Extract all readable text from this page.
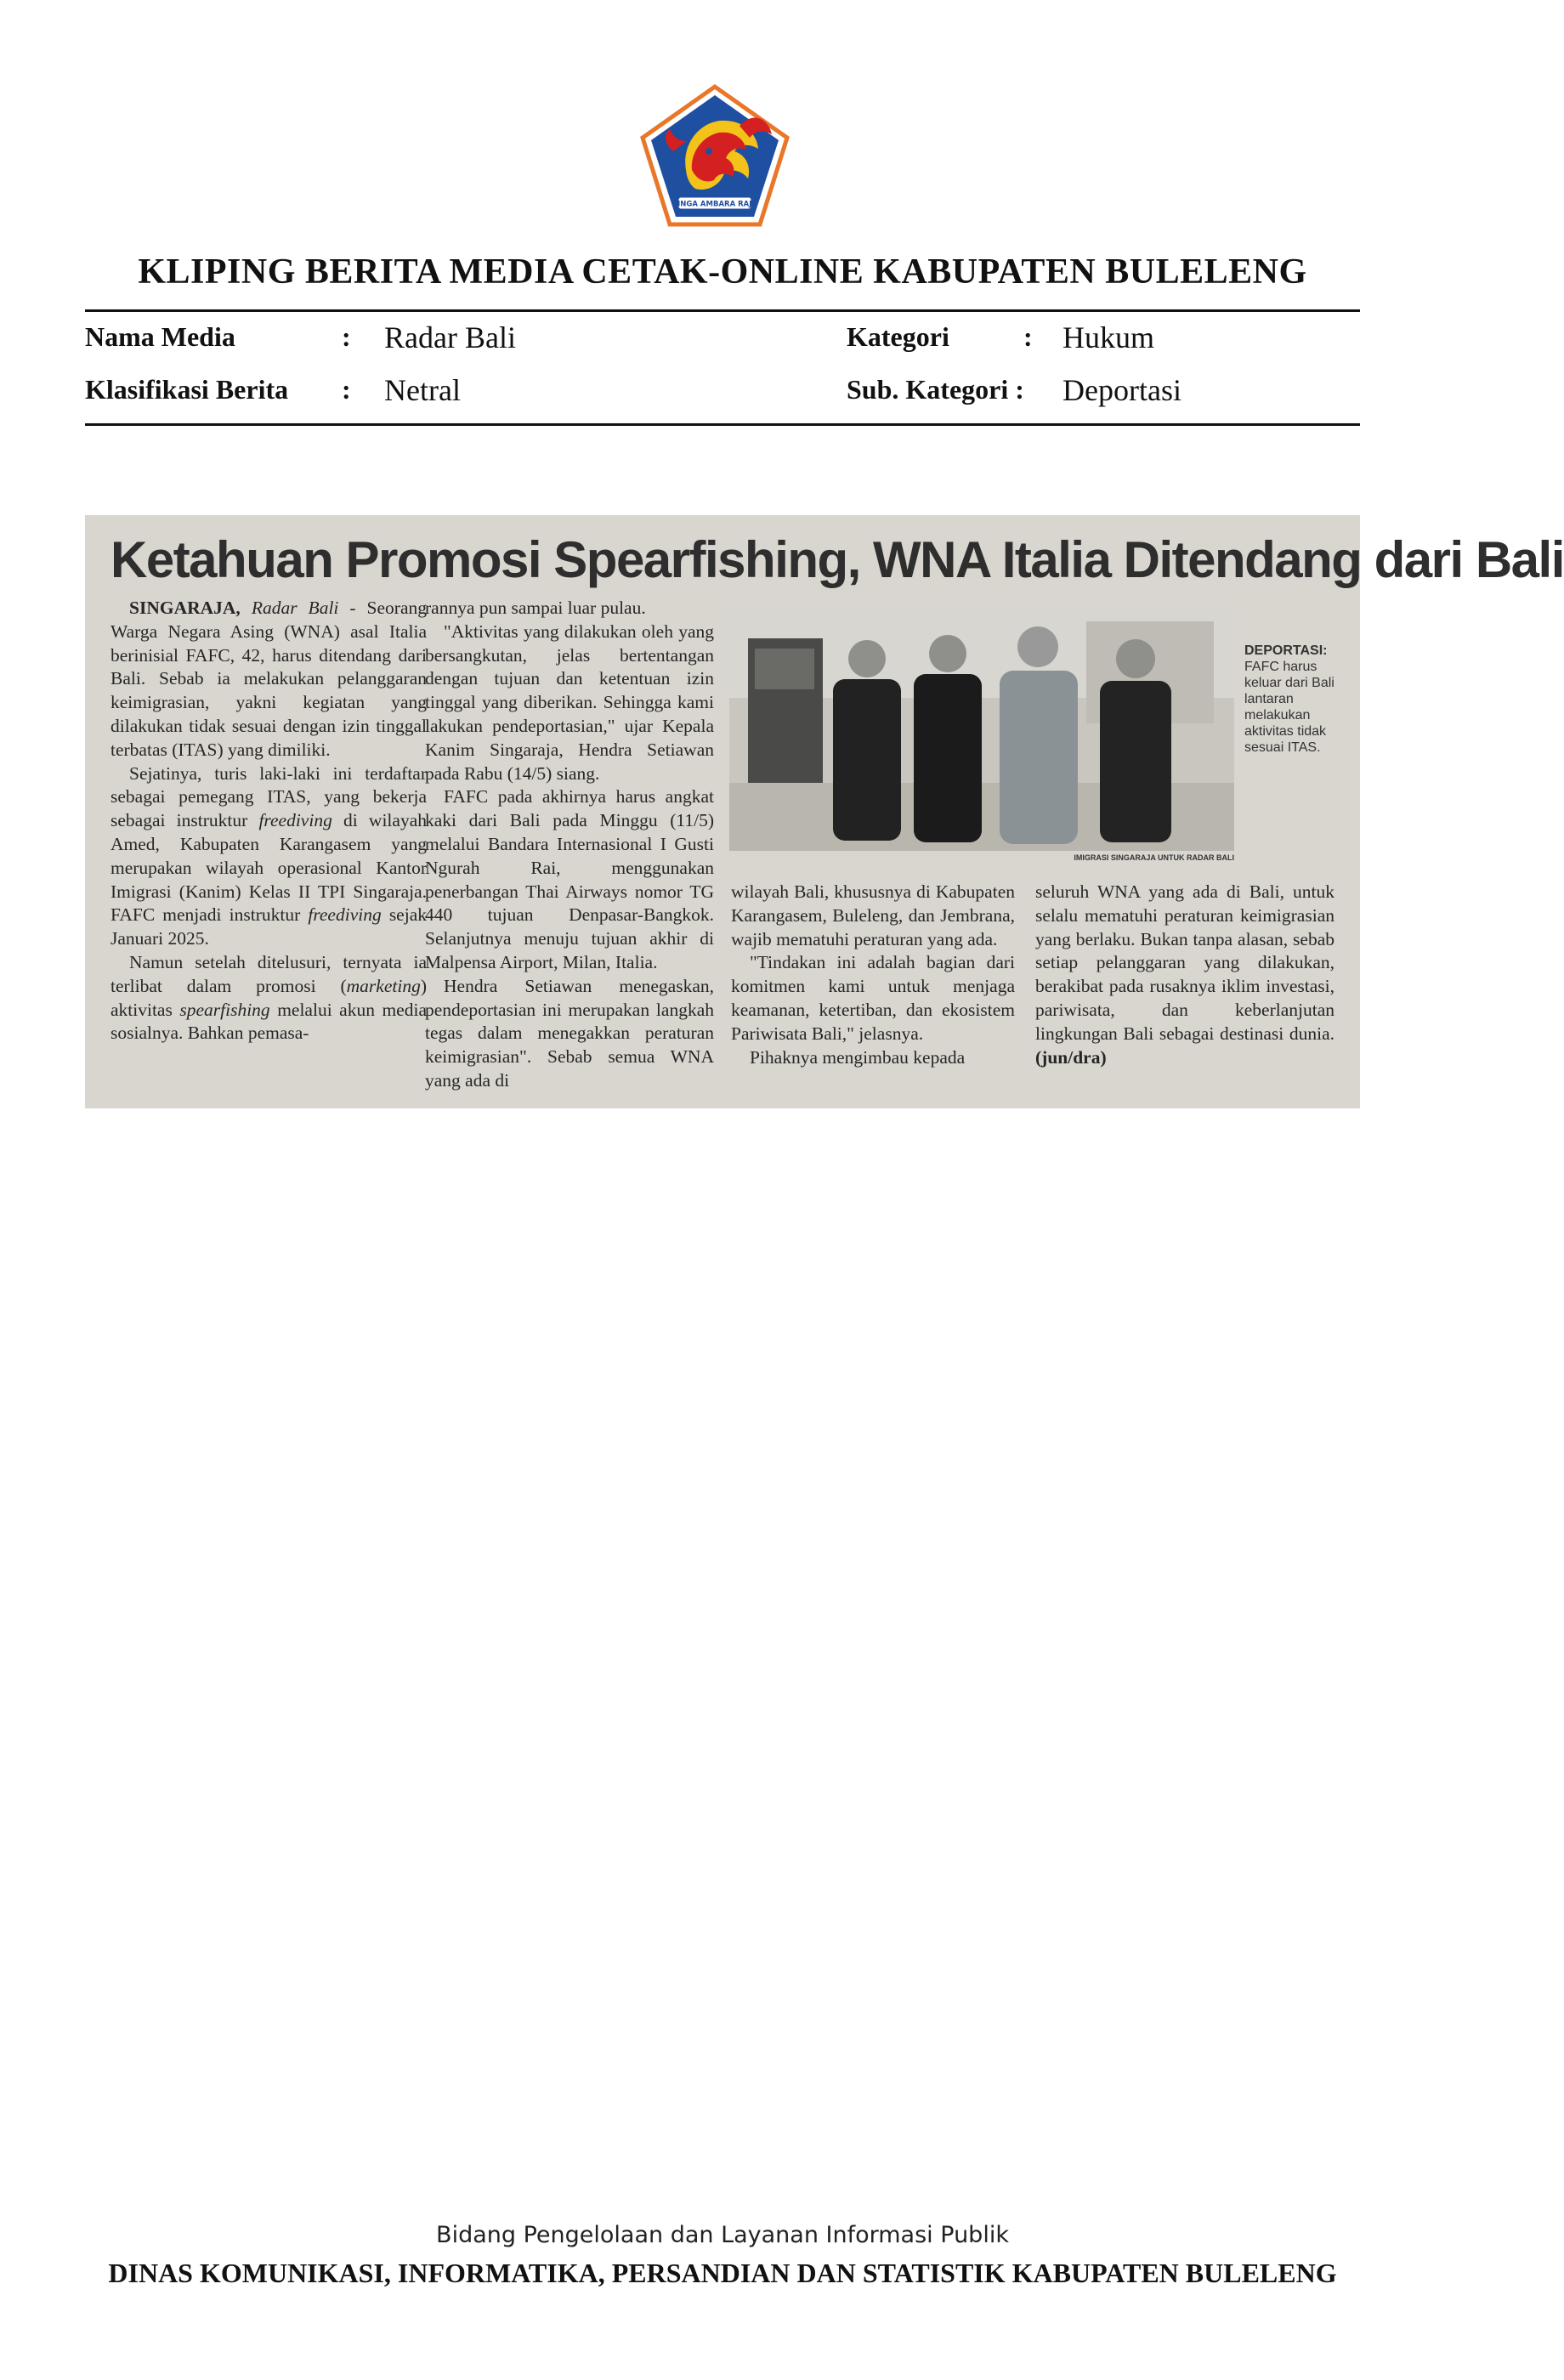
SINGA AMBARA RAJA
KLIPING BERITA MEDIA CETAK-ONLINE KABUPATEN BULELENG
Nama Media	: Radar Bali
Klasifikasi Berita : Netral
Kategori	: Hukum
Sub. Kategori : Deportasi
Ketahuan Promosi Spearfishing, WNA Italia Ditendang dari Bali

SINGARAJA, Radar Bali - Seorang Warga Negara Asing (WNA) asal Italia berinisial FAFC, 42, harus ditendang dari Bali. Sebab ia melakukan pelanggaran keimigrasian, yakni kegiatan yang dilakukan tidak sesuai dengan izin tinggal terbatas (ITAS) yang dimiliki.

Sejatinya, turis laki-laki ini terdaftar sebagai pemegang ITAS, yang bekerja sebagai instruktur freediving di wilayah Amed, Kabupaten Karangasem yang merupakan wilayah operasional Kantor Imigrasi (Kanim) Kelas II TPI Singaraja. FAFC menjadi instruktur freediving sejak Januari 2025.

Namun setelah ditelusuri, ternyata ia terlibat dalam promosi (marketing) aktivitas spearfishing melalui akun media sosialnya. Bahkan pemasa-

rannya pun sampai luar pulau.

"Aktivitas yang dilakukan oleh yang bersangkutan, jelas bertentangan dengan tujuan dan ketentuan izin tinggal yang diberikan. Sehingga kami lakukan pendeportasian," ujar Kepala Kanim Singaraja, Hendra Setiawan pada Rabu (14/5) siang.

FAFC pada akhirnya harus angkat kaki dari Bali pada Minggu (11/5) melalui Bandara Internasional I Gusti Ngurah Rai, menggunakan penerbangan Thai Airways nomor TG 440 tujuan Denpasar-Bangkok. Selanjutnya menuju tujuan akhir di Malpensa Airport, Milan, Italia.

Hendra Setiawan menegaskan, pendeportasian ini merupakan langkah tegas dalam menegakkan peraturan keimigrasian". Sebab semua WNA yang ada di

IMIGRASI SINGARAJA UNTUK RADAR BALI
DEPORTASI:
FAFC harus keluar dari Bali lantaran melakukan aktivitas tidak sesuai ITAS.

wilayah Bali, khususnya di Kabupaten Karangasem, Buleleng, dan Jembrana, wajib mematuhi peraturan yang ada.

"Tindakan ini adalah bagian dari komitmen kami untuk menjaga keamanan, ketertiban, dan ekosistem Pariwisata Bali," jelasnya.

Pihaknya mengimbau kepada

seluruh WNA yang ada di Bali, untuk selalu mematuhi peraturan keimigrasian yang berlaku. Bukan tanpa alasan, sebab setiap pelanggaran yang dilakukan, berakibat pada rusaknya iklim investasi, pariwisata, dan keberlanjutan lingkungan Bali sebagai destinasi dunia. (jun/dra)

Bidang Pengelolaan dan Layanan Informasi Publik
DINAS KOMUNIKASI, INFORMATIKA, PERSANDIAN DAN STATISTIK KABUPATEN BULELENG
